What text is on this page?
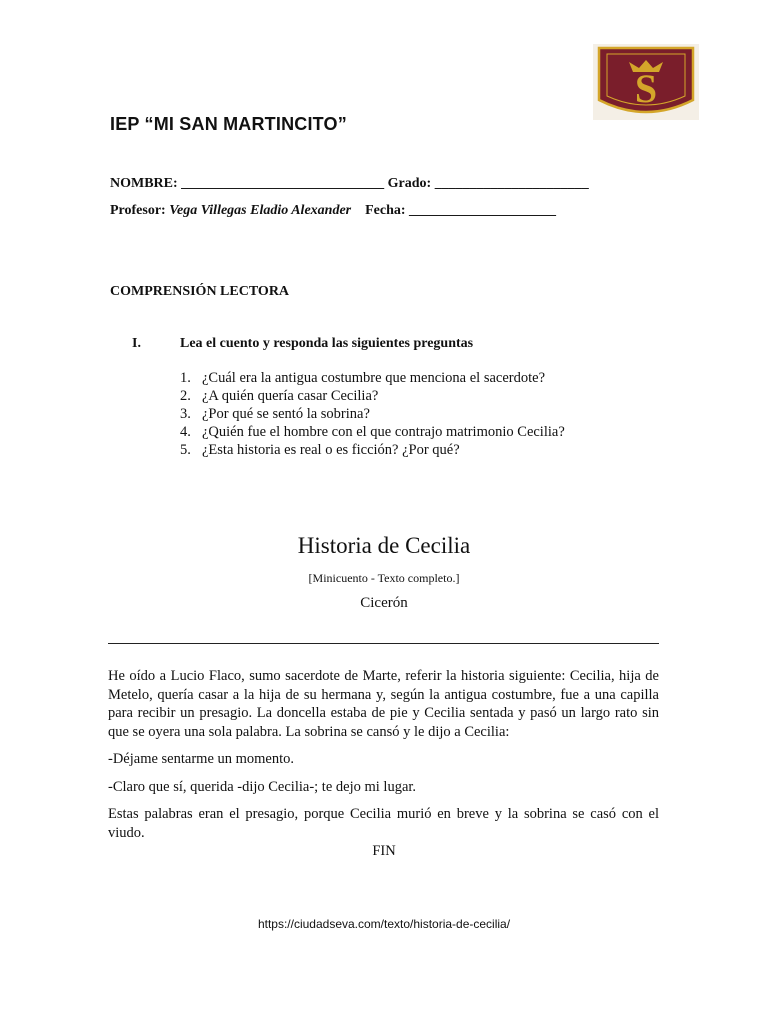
S
IEP “MI SAN MARTINCITO”
NOMBRE: _____________________________ Grado: ______________________
Profesor: Vega Villegas Eladio Alexander Fecha: _____________________
COMPRENSIÓN LECTORA
I.	Lea el cuento y responda las siguientes preguntas
1. ¿Cuál era la antigua costumbre que menciona el sacerdote?
2. ¿A quién quería casar Cecilia?
3. ¿Por qué se sentó la sobrina?
4. ¿Quién fue el hombre con el que contrajo matrimonio Cecilia?
5. ¿Esta historia es real o es ficción? ¿Por qué?
Historia de Cecilia
[Minicuento - Texto completo.]
Cicerón

He oído a Lucio Flaco, sumo sacerdote de Marte, referir la historia siguiente: Cecilia, hija de Metelo, quería casar a la hija de su hermana y, según la antigua costumbre, fue a una capilla para recibir un presagio. La doncella estaba de pie y Cecilia sentada y pasó un largo rato sin que se oyera una sola palabra. La sobrina se cansó y le dijo a Cecilia:

-Déjame sentarme un momento.

-Claro que sí, querida -dijo Cecilia-; te dejo mi lugar.

Estas palabras eran el presagio, porque Cecilia murió en breve y la sobrina se casó con el viudo.

FIN
https://ciudadseva.com/texto/historia-de-cecilia/
